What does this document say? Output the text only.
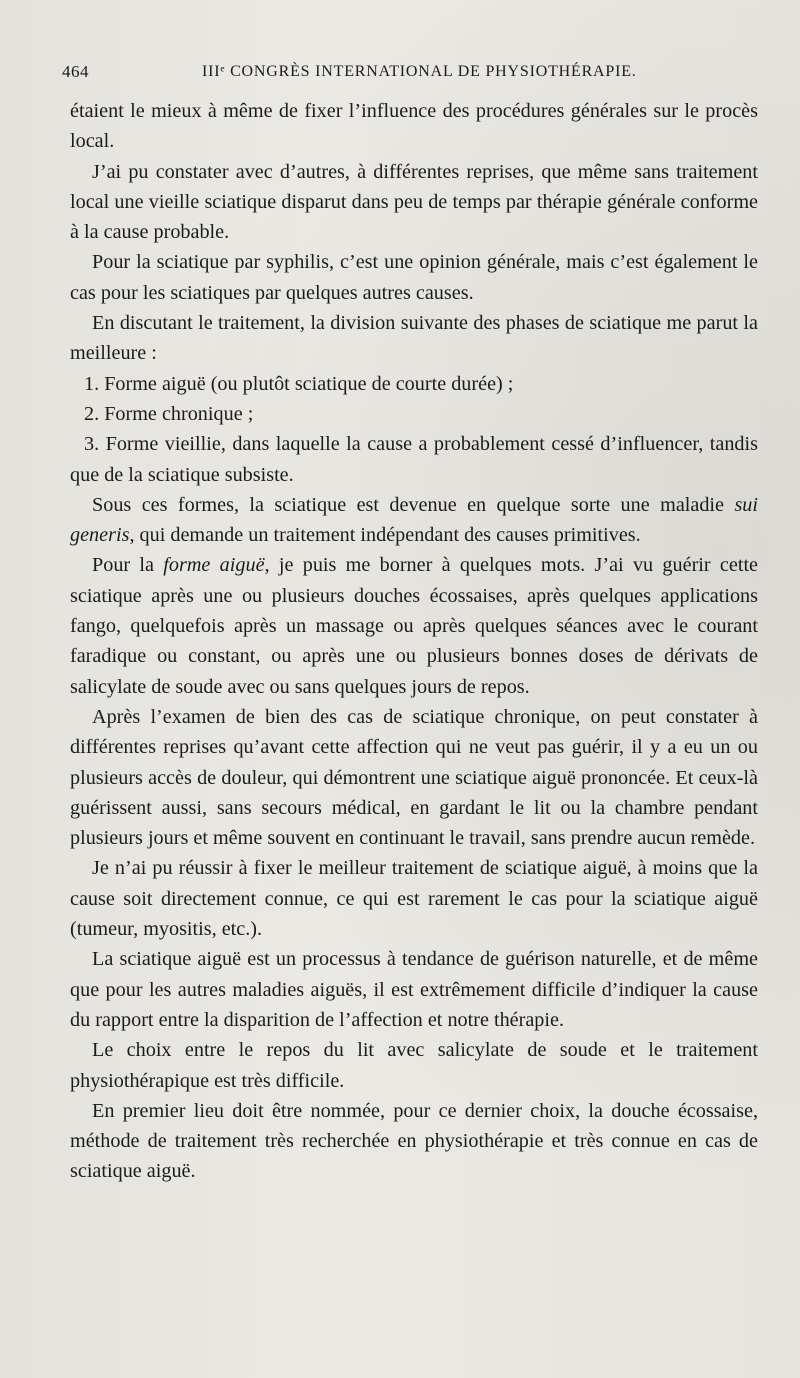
464	IIIᵉ CONGRÈS INTERNATIONAL DE PHYSIOTHÉRAPIE.

étaient le mieux à même de fixer l’influence des procédures générales sur le procès local.

J’ai pu constater avec d’autres, à différentes reprises, que même sans traitement local une vieille sciatique disparut dans peu de temps par thérapie générale conforme à la cause probable.

Pour la sciatique par syphilis, c’est une opinion générale, mais c’est également le cas pour les sciatiques par quelques autres causes.

En discutant le traitement, la division suivante des phases de sciatique me parut la meilleure :

1. Forme aiguë (ou plutôt sciatique de courte durée) ;

2. Forme chronique ;

3. Forme vieillie, dans laquelle la cause a probablement cessé d’influencer, tandis que de la sciatique subsiste.

Sous ces formes, la sciatique est devenue en quelque sorte une maladie sui generis, qui demande un traitement indépendant des causes primitives.

Pour la forme aiguë, je puis me borner à quelques mots. J’ai vu guérir cette sciatique après une ou plusieurs douches écossaises, après quelques applications fango, quelquefois après un massage ou après quelques séances avec le courant faradique ou constant, ou après une ou plusieurs bonnes doses de dérivats de salicylate de soude avec ou sans quelques jours de repos.

Après l’examen de bien des cas de sciatique chronique, on peut constater à différentes reprises qu’avant cette affection qui ne veut pas guérir, il y a eu un ou plusieurs accès de douleur, qui démontrent une sciatique aiguë prononcée. Et ceux-là guérissent aussi, sans secours médical, en gardant le lit ou la chambre pendant plusieurs jours et même souvent en continuant le travail, sans prendre aucun remède.

Je n’ai pu réussir à fixer le meilleur traitement de sciatique aiguë, à moins que la cause soit directement connue, ce qui est rarement le cas pour la sciatique aiguë (tumeur, myositis, etc.).

La sciatique aiguë est un processus à tendance de guérison naturelle, et de même que pour les autres maladies aiguës, il est extrêmement difficile d’indiquer la cause du rapport entre la disparition de l’affection et notre thérapie.

Le choix entre le repos du lit avec salicylate de soude et le traitement physiothérapique est très difficile.

En premier lieu doit être nommée, pour ce dernier choix, la douche écossaise, méthode de traitement très recherchée en physiothérapie et très connue en cas de sciatique aiguë.
